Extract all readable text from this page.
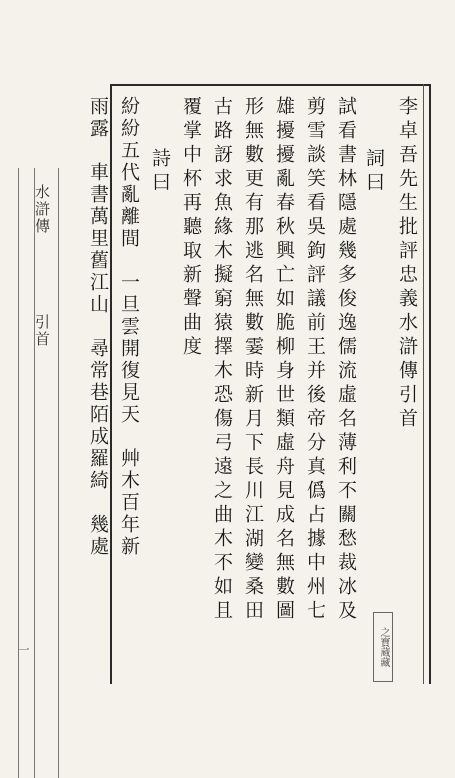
水滸傳
引首
一
李卓吾先生批評忠義水滸傳引首
詞曰
試看書林隱處幾多俊逸儒流虛名薄利不關愁裁冰及
剪雪談笑看吳鉤評議前王并後帝分真僞占據中州七
雄擾擾亂春秋興亡如脆柳身世類虛舟見成名無數圖
形無數更有那逃名無數霎時新月下長川江湖變桑田
古路訝求魚緣木擬窮猿擇木恐傷弓遠之曲木不如且
覆掌中杯再聽取新聲曲度
詩曰
紛紛五代亂離間　一旦雲開復見天　艸木百年新
雨露　車書萬里舊江山　尋常巷陌成羅綺　幾處
之寶蔵藏
